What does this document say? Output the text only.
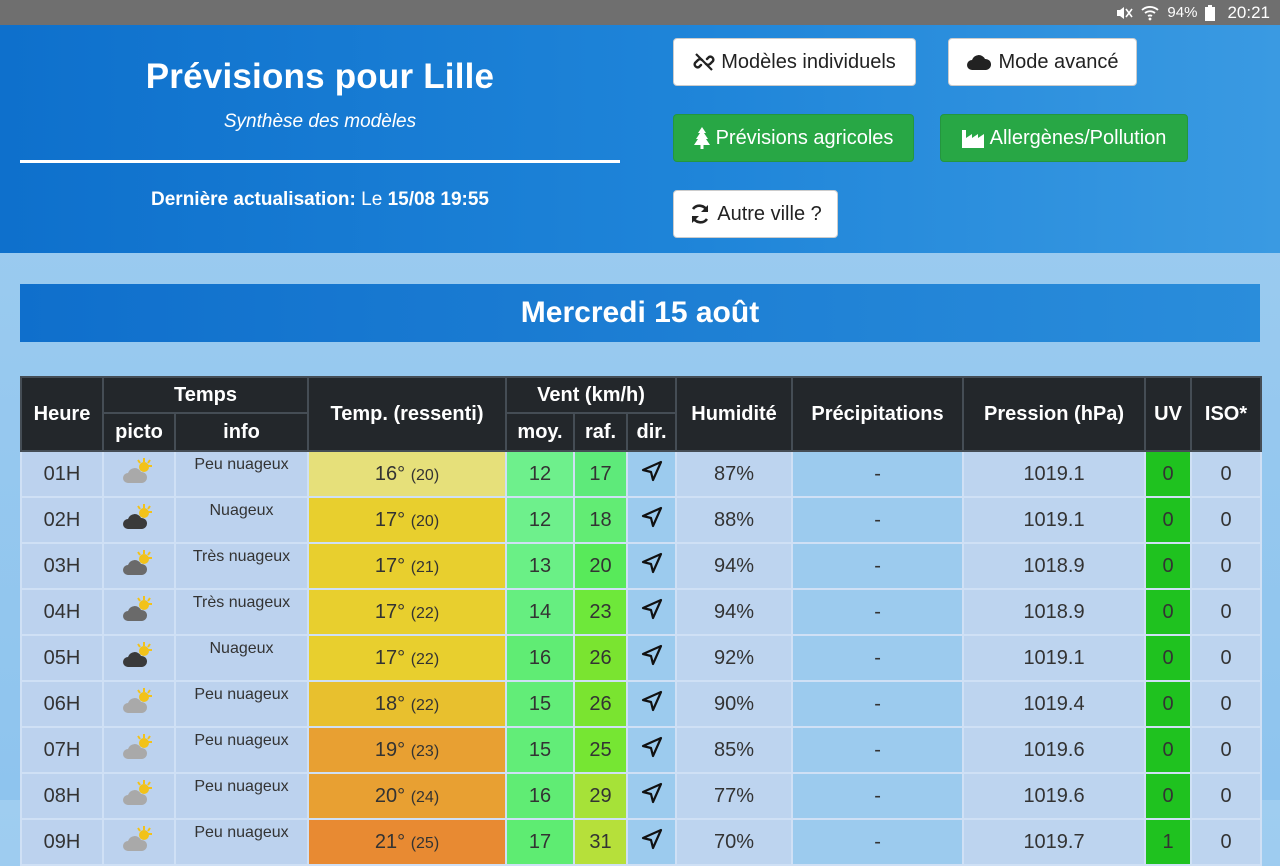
94% 20:21
Prévisions pour Lille
Synthèse des modèles
Dernière actualisation: Le 15/08 19:55
Modèles individuels	Mode avancé
Prévisions agricoles	Allergènes/Pollution
Autre ville ?
Mercredi 15 août
Heure	Temps		Temp. (ressenti)	Vent (km/h)			Humidité	Précipitations	Pression (hPa)	UV	ISO*
	picto	info		moy.	raf.	dir.					
01H		Peu nuageux	16° (20)	12	17		87%	-	1019.1	0	0
02H		Nuageux	17° (20)	12	18		88%	-	1019.1	0	0
03H		Très nuageux	17° (21)	13	20		94%	-	1018.9	0	0
04H		Très nuageux	17° (22)	14	23		94%	-	1018.9	0	0
05H		Nuageux	17° (22)	16	26		92%	-	1019.1	0	0
06H		Peu nuageux	18° (22)	15	26		90%	-	1019.4	0	0
07H		Peu nuageux	19° (23)	15	25		85%	-	1019.6	0	0
08H		Peu nuageux	20° (24)	16	29		77%	-	1019.6	0	0
09H		Peu nuageux	21° (25)	17	31		70%	-	1019.7	1	0
